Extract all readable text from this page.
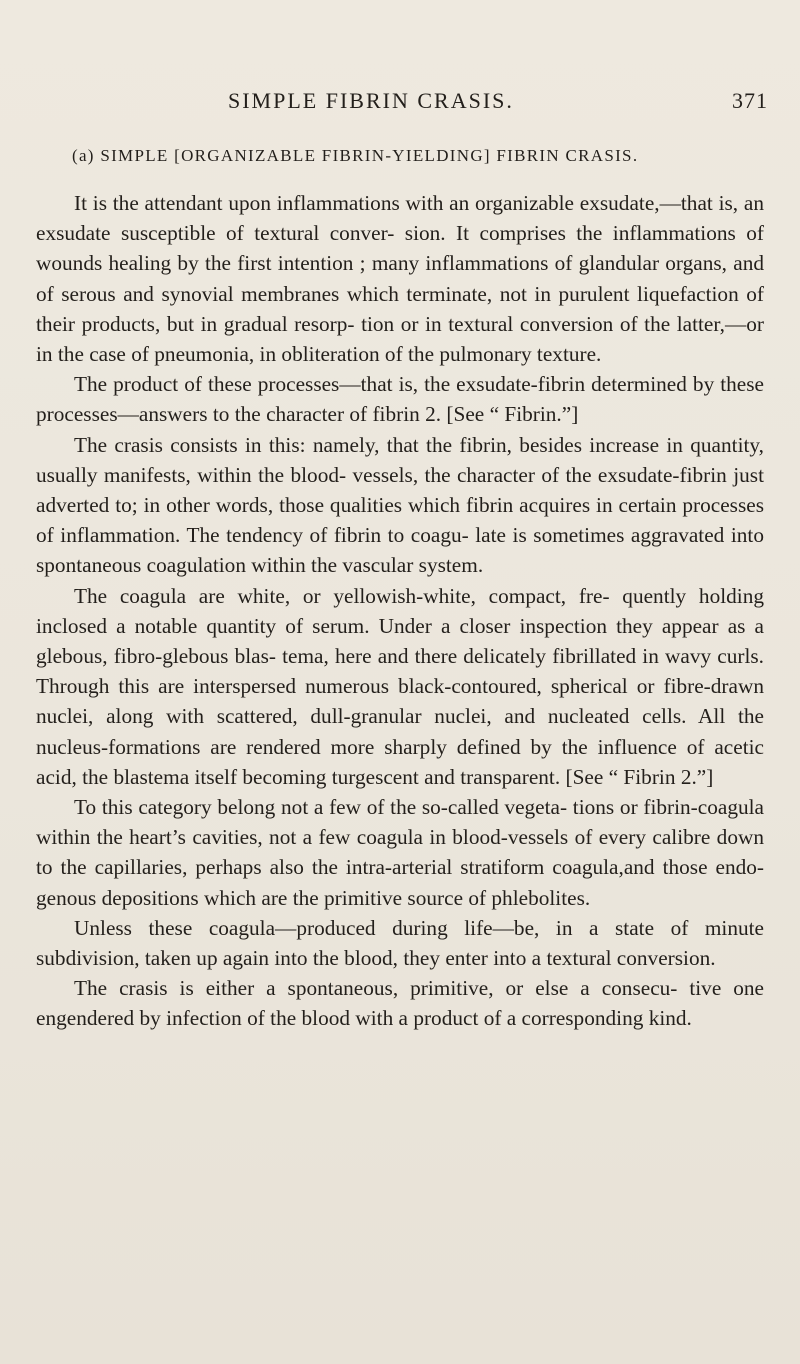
SIMPLE FIBRIN CRASIS.	371
(a) SIMPLE [ORGANIZABLE FIBRIN-YIELDING] FIBRIN CRASIS.

It is the attendant upon inflammations with an organizable exsudate,—that is, an exsudate susceptible of textural conver- sion. It comprises the inflammations of wounds healing by the first intention ; many inflammations of glandular organs, and of serous and synovial membranes which terminate, not in purulent liquefaction of their products, but in gradual resorp- tion or in textural conversion of the latter,—or in the case of pneumonia, in obliteration of the pulmonary texture.

The product of these processes—that is, the exsudate-fibrin determined by these processes—answers to the character of fibrin 2. [See “ Fibrin.”]

The crasis consists in this: namely, that the fibrin, besides increase in quantity, usually manifests, within the blood- vessels, the character of the exsudate-fibrin just adverted to; in other words, those qualities which fibrin acquires in certain processes of inflammation. The tendency of fibrin to coagu- late is sometimes aggravated into spontaneous coagulation within the vascular system.

The coagula are white, or yellowish-white, compact, fre- quently holding inclosed a notable quantity of serum. Under a closer inspection they appear as a glebous, fibro-glebous blas- tema, here and there delicately fibrillated in wavy curls. Through this are interspersed numerous black-contoured, spherical or fibre-drawn nuclei, along with scattered, dull-granular nuclei, and nucleated cells. All the nucleus-formations are rendered more sharply defined by the influence of acetic acid, the blastema itself becoming turgescent and transparent. [See “ Fibrin 2.”]

To this category belong not a few of the so-called vegeta- tions or fibrin-coagula within the heart’s cavities, not a few coagula in blood-vessels of every calibre down to the capillaries, perhaps also the intra-arterial stratiform coagula,and those endo- genous depositions which are the primitive source of phlebolites.

Unless these coagula—produced during life—be, in a state of minute subdivision, taken up again into the blood, they enter into a textural conversion.

The crasis is either a spontaneous, primitive, or else a consecu- tive one engendered by infection of the blood with a product of a corresponding kind.
